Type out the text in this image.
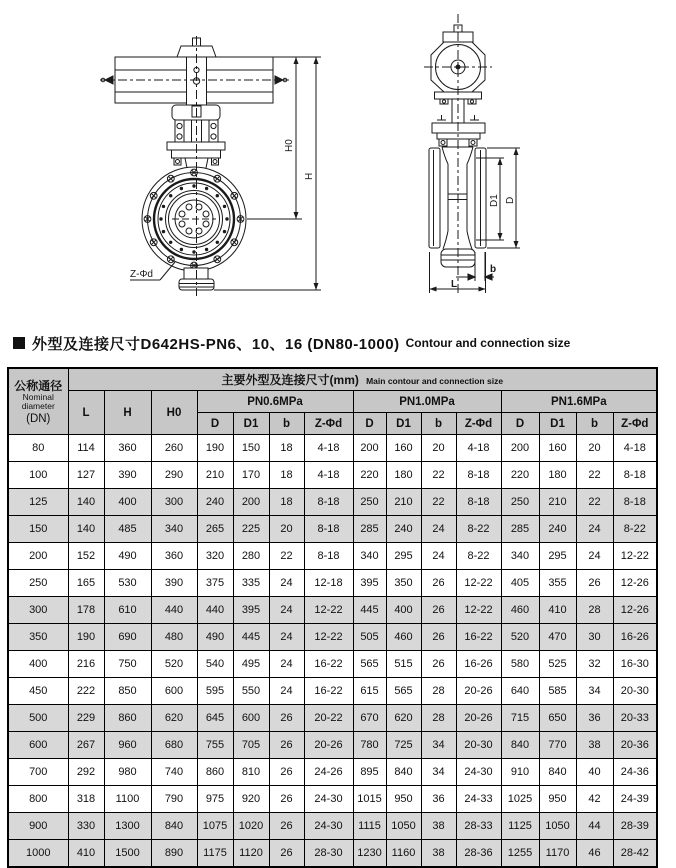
H0
H
Z-Φd
D1 D
b
L
外型及连接尺寸D642HS-PN6、10、16 (DN80-1000) Contour and connection size
公称通径
Nominal
diameter
(DN)	主要外型及连接尺寸(mm) Main contour and connection size														
	L	H	H0	PN0.6MPa				PN1.0MPa				PN1.6MPa			
				D	D1	b	Z-Φd	D	D1	b	Z-Φd	D	D1	b	Z-Φd
80	114	360	260	190	150	18	4-18	200	160	20	4-18	200	160	20	4-18
100	127	390	290	210	170	18	4-18	220	180	22	8-18	220	180	22	8-18
125	140	400	300	240	200	18	8-18	250	210	22	8-18	250	210	22	8-18
150	140	485	340	265	225	20	8-18	285	240	24	8-22	285	240	24	8-22
200	152	490	360	320	280	22	8-18	340	295	24	8-22	340	295	24	12-22
250	165	530	390	375	335	24	12-18	395	350	26	12-22	405	355	26	12-26
300	178	610	440	440	395	24	12-22	445	400	26	12-22	460	410	28	12-26
350	190	690	480	490	445	24	12-22	505	460	26	16-22	520	470	30	16-26
400	216	750	520	540	495	24	16-22	565	515	26	16-26	580	525	32	16-30
450	222	850	600	595	550	24	16-22	615	565	28	20-26	640	585	34	20-30
500	229	860	620	645	600	26	20-22	670	620	28	20-26	715	650	36	20-33
600	267	960	680	755	705	26	20-26	780	725	34	20-30	840	770	38	20-36
700	292	980	740	860	810	26	24-26	895	840	34	24-30	910	840	40	24-36
800	318	1100	790	975	920	26	24-30	1015	950	36	24-33	1025	950	42	24-39
900	330	1300	840	1075	1020	26	24-30	1115	1050	38	28-33	1125	1050	44	28-39
1000	410	1500	890	1175	1120	26	28-30	1230	1160	38	28-36	1255	1170	46	28-42
